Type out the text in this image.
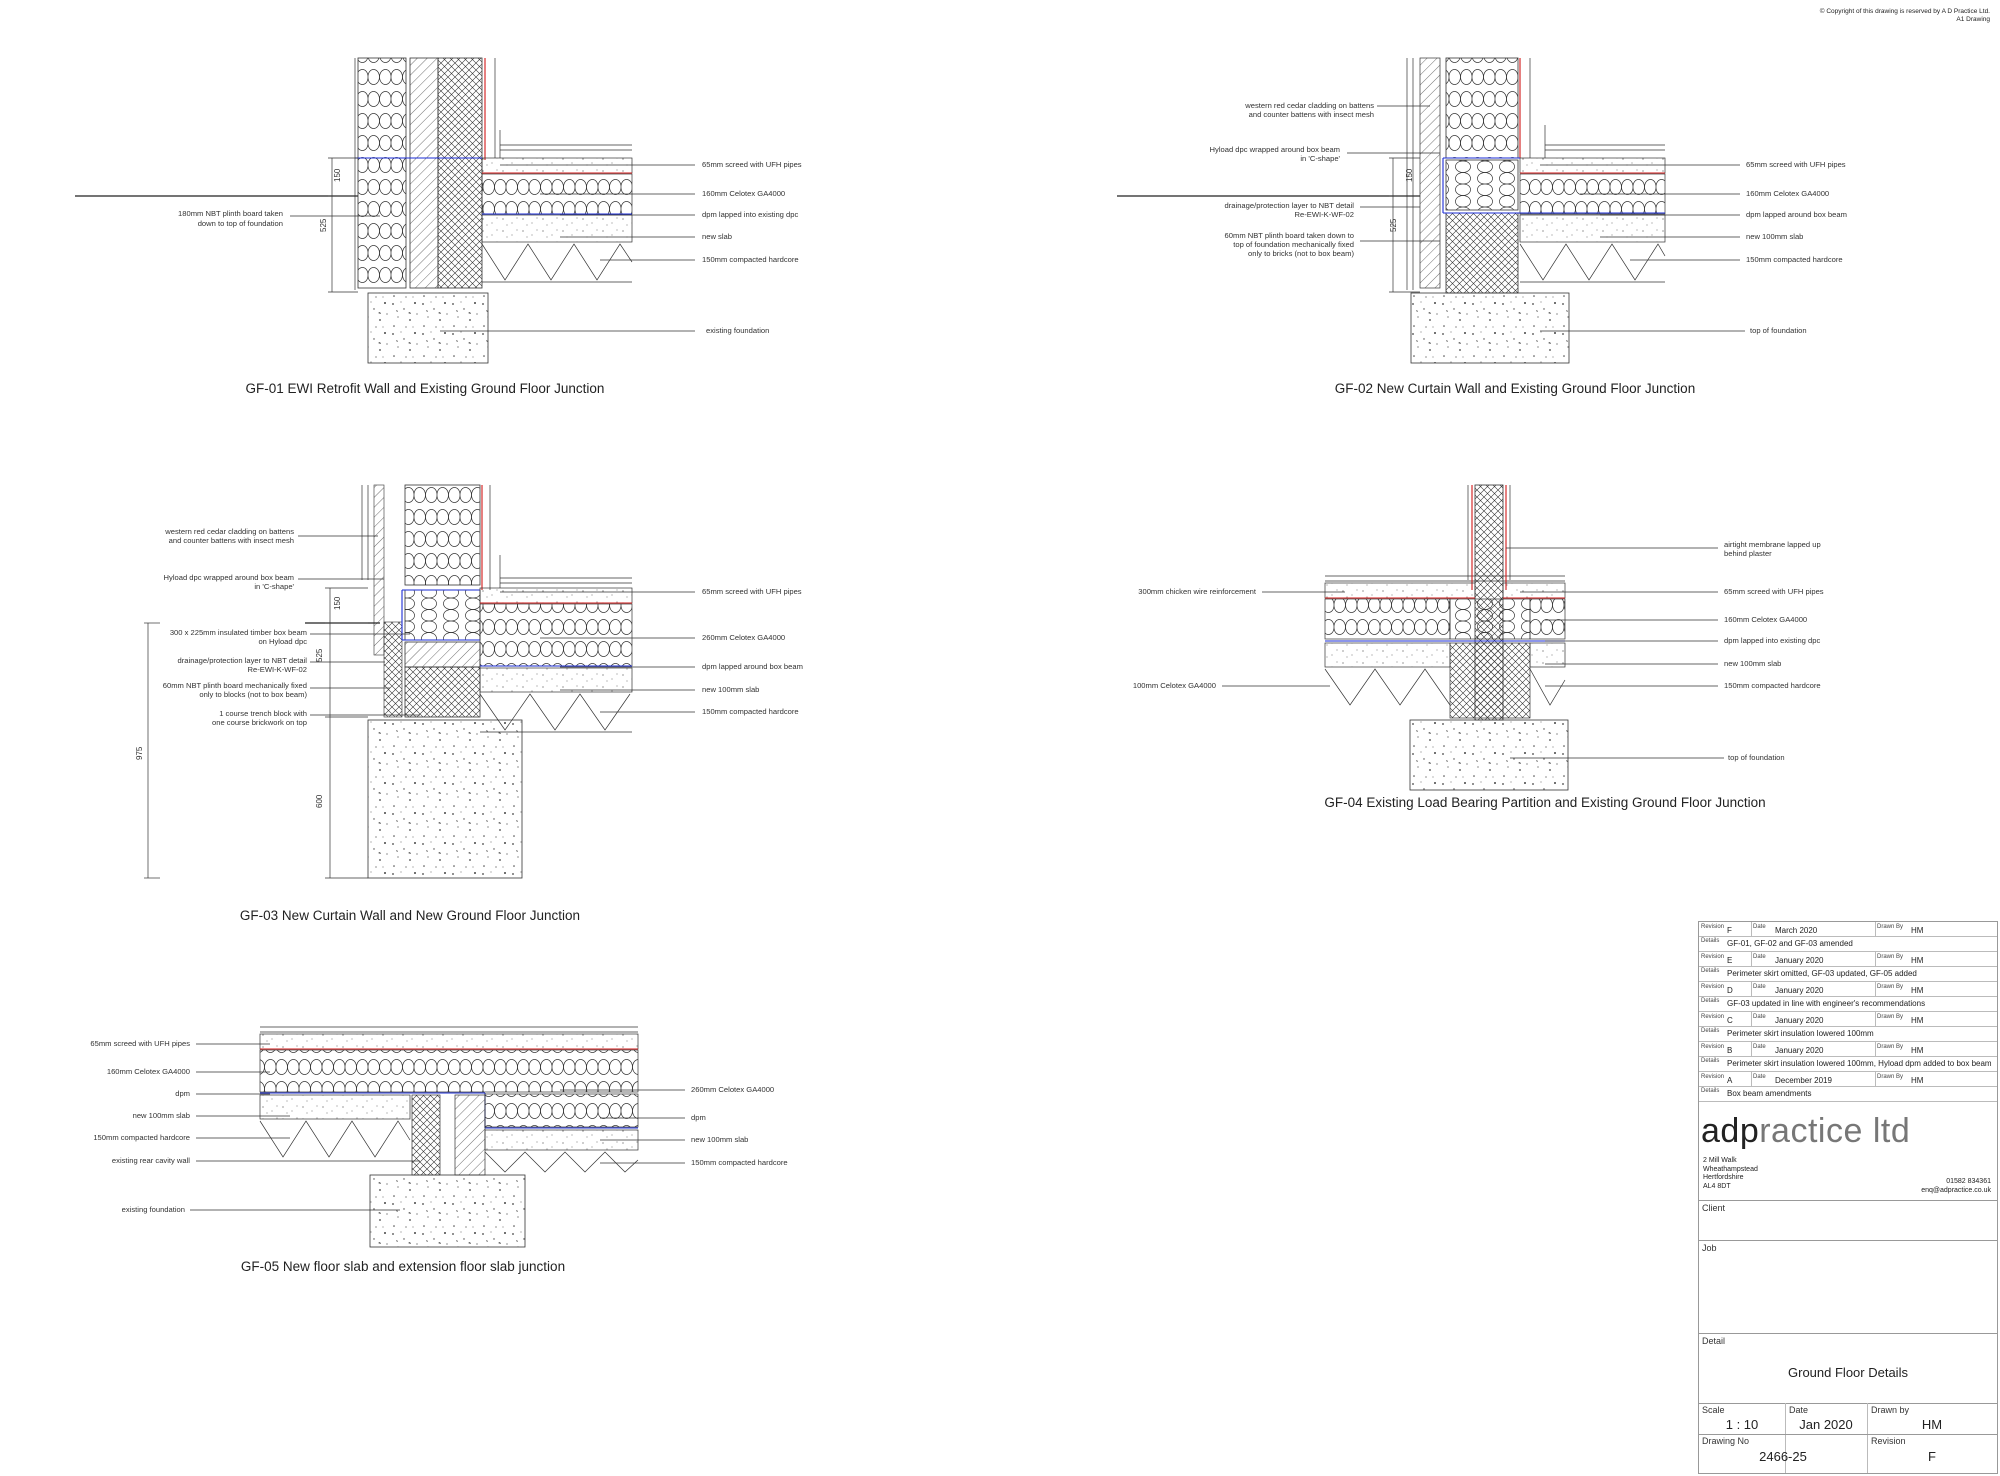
© Copyright of this drawing is reserved by A D Practice Ltd.
A1 Drawing
150
525
180mm NBT plinth board taken
down to top of foundation
65mm screed with UFH pipes
160mm Celotex GA4000
dpm lapped into existing dpc
new slab
150mm compacted hardcore
existing foundation
GF-01 EWI Retrofit Wall and Existing Ground Floor Junction
150
525
western red cedar cladding on battens
and counter battens with insect mesh
Hyload dpc wrapped around box beam
in 'C-shape'
drainage/protection layer to NBT detail
Re-EWI-K-WF-02
60mm NBT plinth board taken down to
top of foundation mechanically fixed
only to bricks (not to box beam)
65mm screed with UFH pipes
160mm Celotex GA4000
dpm lapped around box beam
new 100mm slab
150mm compacted hardcore
top of foundation
GF-02 New Curtain Wall and Existing Ground Floor Junction
150
525
975
600
western red cedar cladding on battens
and counter battens with insect mesh
Hyload dpc wrapped around box beam
in 'C-shape'
300 x 225mm insulated timber box beam
on Hyload dpc
drainage/protection layer to NBT detail
Re-EWI-K-WF-02
60mm NBT plinth board mechanically fixed
only to blocks (not to box beam)
1 course trench block with
one course brickwork on top
65mm screed with UFH pipes
260mm Celotex GA4000
dpm lapped around box beam
new 100mm slab
150mm compacted hardcore
GF-03 New Curtain Wall and New Ground Floor Junction
300mm chicken wire reinforcement
100mm Celotex GA4000
airtight membrane lapped up
behind plaster
65mm screed with UFH pipes
160mm Celotex GA4000
dpm lapped into existing dpc
new 100mm slab
150mm compacted hardcore
top of foundation
GF-04 Existing Load Bearing Partition and Existing Ground Floor Junction
65mm screed with UFH pipes
160mm Celotex GA4000
dpm
new 100mm slab
150mm compacted hardcore
existing rear cavity wall
existing foundation
260mm Celotex GA4000
dpm
new 100mm slab
150mm compacted hardcore
GF-05 New floor slab and extension floor slab junction
Revision F	Date March 2020	Drawn By HM
Details GF-01, GF-02 and GF-03 amended
Revision E	Date January 2020	Drawn By HM
Details Perimeter skirt omitted, GF-03 updated, GF-05 added
Revision D	Date January 2020	Drawn By HM
Details GF-03 updated in line with engineer's recommendations
Revision C	Date January 2020	Drawn By HM
Details Perimeter skirt insulation lowered 100mm
Revision B	Date January 2020	Drawn By HM
Details Perimeter skirt insulation lowered 100mm, Hyload dpm added to box beam
Revision A	Date December 2019	Drawn By HM
Details Box beam amendments
adpractice ltd
2 Mill Walk
Wheathampstead
Hertfordshire
AL4 8DT
01582 834361
enq@adpractice.co.uk
Client
Job
Detail
Ground Floor Details
Scale
1 : 10
Date
Jan 2020
Drawn by
HM
Drawing No
2466-25
Revision
F
